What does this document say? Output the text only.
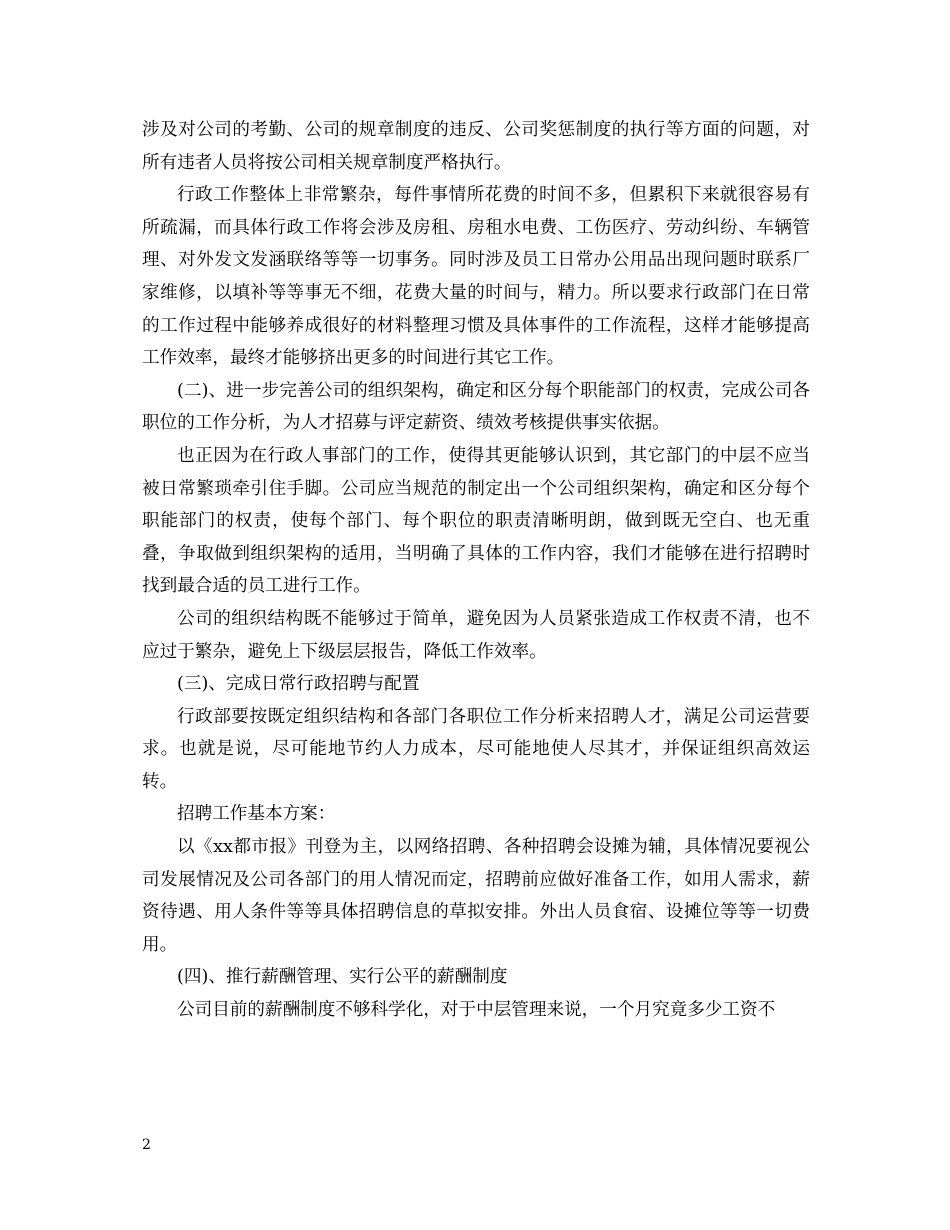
涉及对公司的考勤、公司的规章制度的违反、公司奖惩制度的执行等方面的问题，对所有违者人员将按公司相关规章制度严格执行。

行政工作整体上非常繁杂，每件事情所花费的时间不多，但累积下来就很容易有所疏漏，而具体行政工作将会涉及房租、房租水电费、工伤医疗、劳动纠纷、车辆管理、对外发文发涵联络等等一切事务。同时涉及员工日常办公用品出现问题时联系厂家维修，以填补等等事无不细，花费大量的时间与，精力。所以要求行政部门在日常的工作过程中能够养成很好的材料整理习惯及具体事件的工作流程，这样才能够提高工作效率，最终才能够挤出更多的时间进行其它工作。

(二)、进一步完善公司的组织架构，确定和区分每个职能部门的权责，完成公司各职位的工作分析，为人才招募与评定薪资、绩效考核提供事实依据。

也正因为在行政人事部门的工作，使得其更能够认识到，其它部门的中层不应当被日常繁琐牵引住手脚。公司应当规范的制定出一个公司组织架构，确定和区分每个职能部门的权责，使每个部门、每个职位的职责清晰明朗，做到既无空白、也无重叠，争取做到组织架构的适用，当明确了具体的工作内容，我们才能够在进行招聘时找到最合适的员工进行工作。

公司的组织结构既不能够过于简单，避免因为人员紧张造成工作权责不清，也不应过于繁杂，避免上下级层层报告，降低工作效率。

(三)、完成日常行政招聘与配置

行政部要按既定组织结构和各部门各职位工作分析来招聘人才，满足公司运营要求。也就是说，尽可能地节约人力成本，尽可能地使人尽其才，并保证组织高效运转。

招聘工作基本方案：

以《xx都市报》刊登为主，以网络招聘、各种招聘会设摊为辅，具体情况要视公司发展情况及公司各部门的用人情况而定，招聘前应做好准备工作，如用人需求，薪资待遇、用人条件等等具体招聘信息的草拟安排。外出人员食宿、设摊位等等一切费用。

(四)、推行薪酬管理、实行公平的薪酬制度

公司目前的薪酬制度不够科学化，对于中层管理来说，一个月究竟多少工资不

2
